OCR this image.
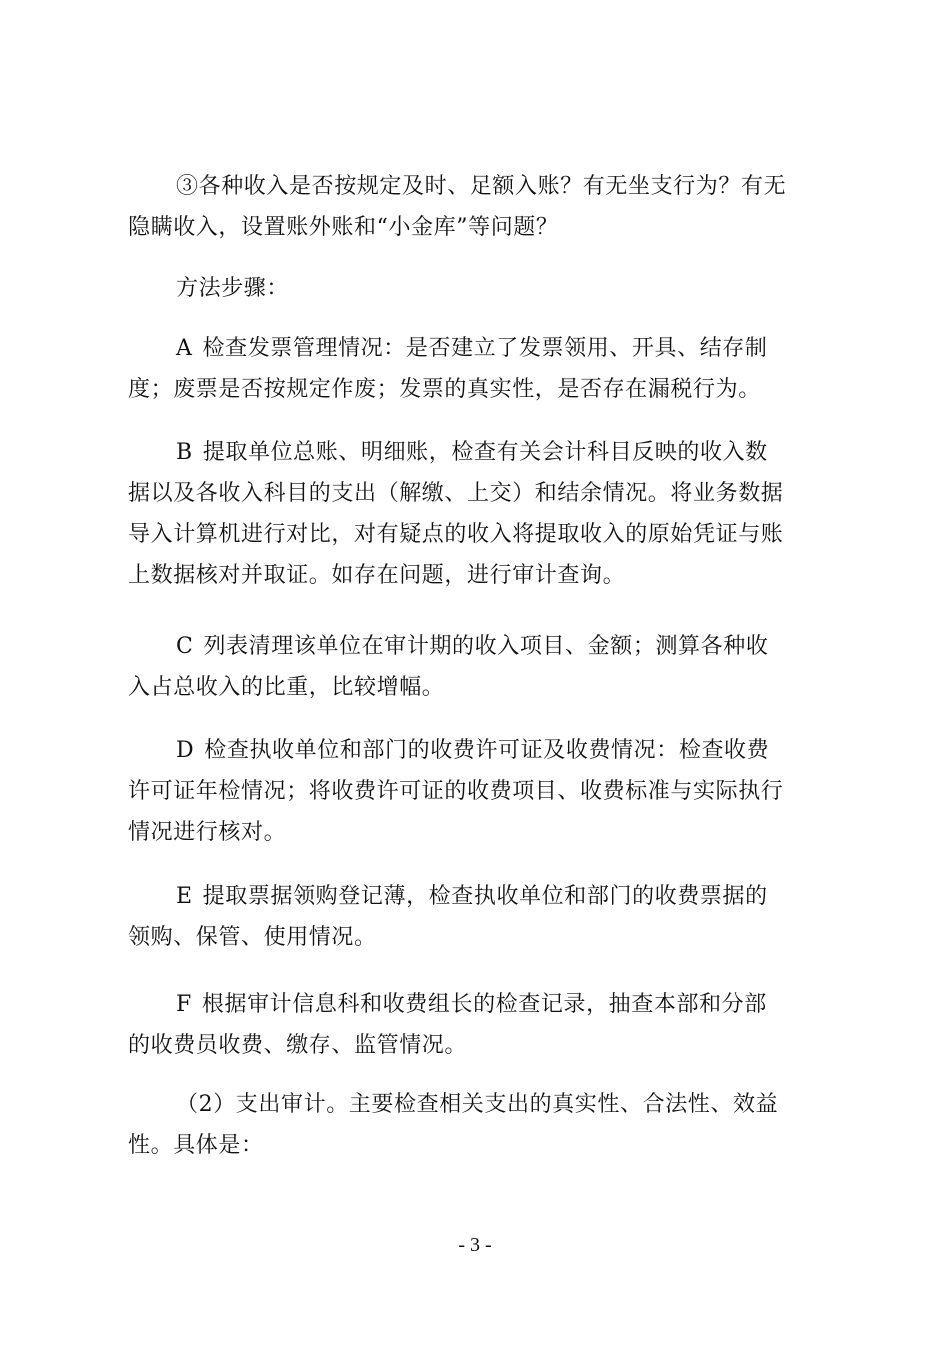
③各种收入是否按规定及时、足额入账？有无坐支行为？有无隐瞒收入，设置账外账和“小金库”等问题？

方法步骤：

A 检查发票管理情况：是否建立了发票领用、开具、结存制度；废票是否按规定作废；发票的真实性，是否存在漏税行为。

B 提取单位总账、明细账，检查有关会计科目反映的收入数据以及各收入科目的支出（解缴、上交）和结余情况。将业务数据导入计算机进行对比，对有疑点的收入将提取收入的原始凭证与账上数据核对并取证。如存在问题，进行审计查询。

C 列表清理该单位在审计期的收入项目、金额；测算各种收入占总收入的比重，比较增幅。

D 检查执收单位和部门的收费许可证及收费情况：检查收费许可证年检情况；将收费许可证的收费项目、收费标准与实际执行情况进行核对。

E 提取票据领购登记薄，检查执收单位和部门的收费票据的领购、保管、使用情况。

F 根据审计信息科和收费组长的检查记录，抽查本部和分部的收费员收费、缴存、监管情况。

（2）支出审计。主要检查相关支出的真实性、合法性、效益性。具体是：

- 3 -
